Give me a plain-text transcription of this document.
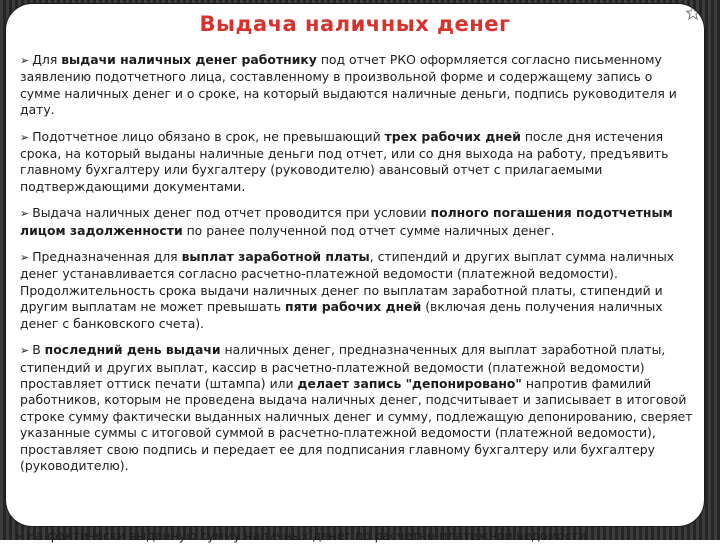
Выдача наличных денег

➢ Для выдачи наличных денег работнику под отчет РКО оформляется согласно письменному заявлению подотчетного лица, составленному в произвольной форме и содержащему запись о сумме наличных денег и о сроке, на который выдаются наличные деньги, подпись руководителя и дату.

➢ Подотчетное лицо обязано в срок, не превышающий трех рабочих дней после дня истечения срока, на который выданы наличные деньги под отчет, или со дня выхода на работу, предъявить главному бухгалтеру или бухгалтеру (руководителю) авансовый отчет с прилагаемыми подтверждающими документами.

➢ Выдача наличных денег под отчет проводится при условии полного погашения подотчетным лицом задолженности по ранее полученной под отчет сумме наличных денег.

➢ Предназначенная для выплат заработной платы, стипендий и других выплат сумма наличных денег устанавливается согласно расчетно-платежной ведомости (платежной ведомости). Продолжительность срока выдачи наличных денег по выплатам заработной платы, стипендий и другим выплатам не может превышать пяти рабочих дней (включая день получения наличных денег с банковского счета).

➢ В последний день выдачи наличных денег, предназначенных для выплат заработной платы, стипендий и других выплат, кассир в расчетно-платежной ведомости (платежной ведомости) проставляет оттиск печати (штампа) или делает запись "депонировано" напротив фамилий работников, которым не проведена выдача наличных денег, подсчитывает и записывает в итоговой строке сумму фактически выданных наличных денег и сумму, подлежащую депонированию, сверяет указанные суммы с итоговой суммой в расчетно-платежной ведомости (платежной ведомости), проставляет свою подпись и передает ее для подписания главному бухгалтеру или бухгалтеру (руководителю).

➢ На фактически выданную сумму наличных денег по расчетно-платежной ведомости
